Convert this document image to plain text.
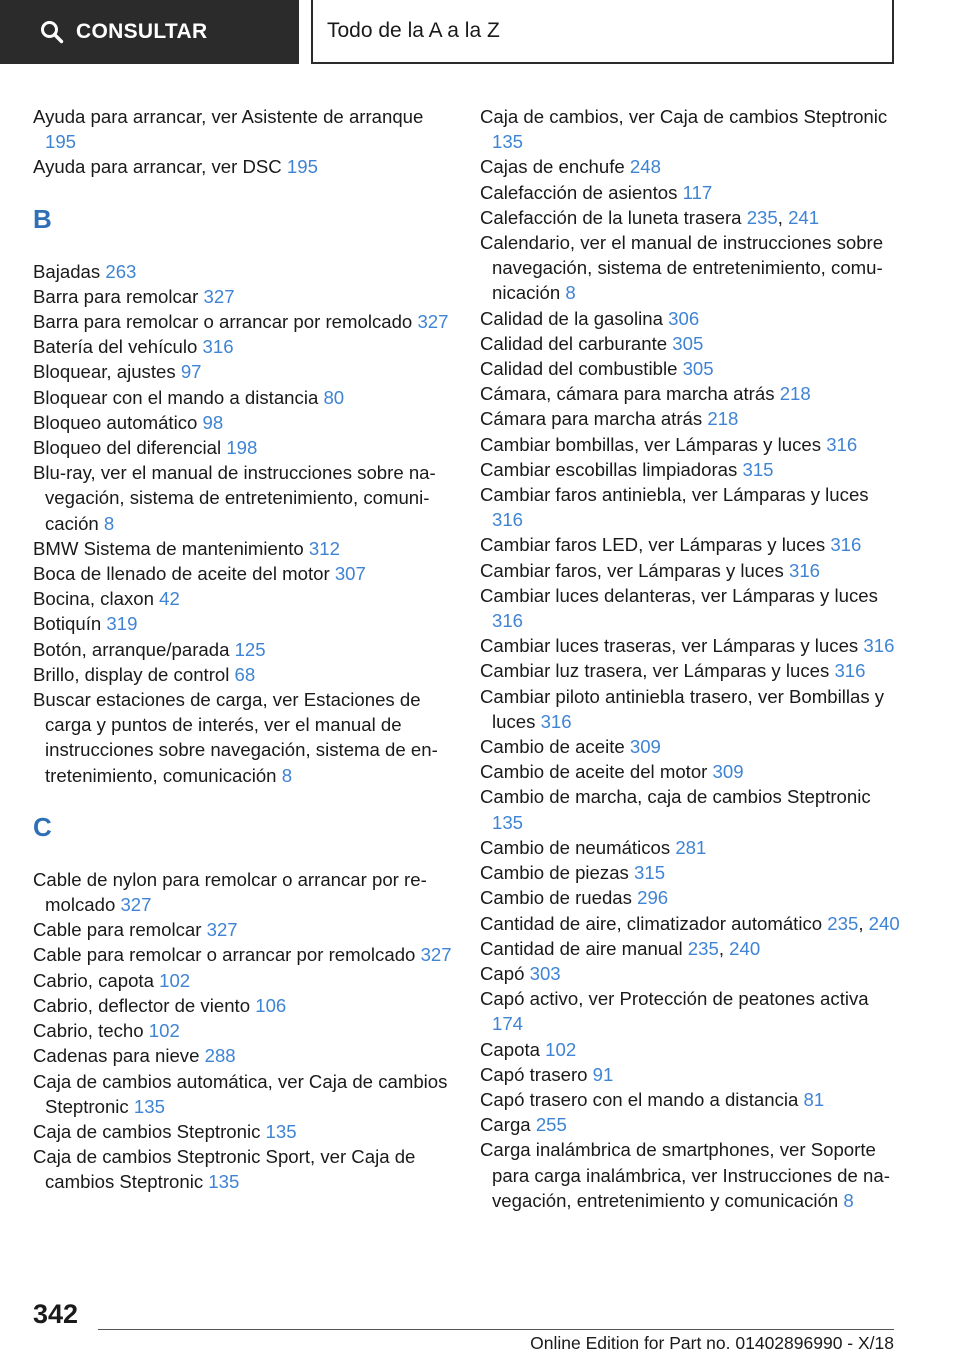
CONSULTAR	Todo de la A a la Z
Ayuda para arrancar, ver Asistente de arranque 195
Ayuda para arrancar, ver DSC 195
B
Bajadas 263
Barra para remolcar 327
Barra para remolcar o arrancar por remolcado 327
Batería del vehículo 316
Bloquear, ajustes 97
Bloquear con el mando a distancia 80
Bloqueo automático 98
Bloqueo del diferencial 198
Blu-ray, ver el manual de instrucciones sobre navegación, sistema de entretenimiento, comunicación 8
BMW Sistema de mantenimiento 312
Boca de llenado de aceite del motor 307
Bocina, claxon 42
Botiquín 319
Botón, arranque/parada 125
Brillo, display de control 68
Buscar estaciones de carga, ver Estaciones de carga y puntos de interés, ver el manual de instrucciones sobre navegación, sistema de entretenimiento, comunicación 8
C
Cable de nylon para remolcar o arrancar por remolcado 327
Cable para remolcar 327
Cable para remolcar o arrancar por remolcado 327
Cabrio, capota 102
Cabrio, deflector de viento 106
Cabrio, techo 102
Cadenas para nieve 288
Caja de cambios automática, ver Caja de cambios Steptronic 135
Caja de cambios Steptronic 135
Caja de cambios Steptronic Sport, ver Caja de cambios Steptronic 135
Caja de cambios, ver Caja de cambios Steptronic 135
Cajas de enchufe 248
Calefacción de asientos 117
Calefacción de la luneta trasera 235, 241
Calendario, ver el manual de instrucciones sobre navegación, sistema de entretenimiento, comunicación 8
Calidad de la gasolina 306
Calidad del carburante 305
Calidad del combustible 305
Cámara, cámara para marcha atrás 218
Cámara para marcha atrás 218
Cambiar bombillas, ver Lámparas y luces 316
Cambiar escobillas limpiadoras 315
Cambiar faros antiniebla, ver Lámparas y luces 316
Cambiar faros LED, ver Lámparas y luces 316
Cambiar faros, ver Lámparas y luces 316
Cambiar luces delanteras, ver Lámparas y luces 316
Cambiar luces traseras, ver Lámparas y luces 316
Cambiar luz trasera, ver Lámparas y luces 316
Cambiar piloto antiniebla trasero, ver Bombillas y luces 316
Cambio de aceite 309
Cambio de aceite del motor 309
Cambio de marcha, caja de cambios Steptronic 135
Cambio de neumáticos 281
Cambio de piezas 315
Cambio de ruedas 296
Cantidad de aire, climatizador automático 235, 240
Cantidad de aire manual 235, 240
Capó 303
Capó activo, ver Protección de peatones activa 174
Capota 102
Capó trasero 91
Capó trasero con el mando a distancia 81
Carga 255
Carga inalámbrica de smartphones, ver Soporte para carga inalámbrica, ver Instrucciones de navegación, entretenimiento y comunicación 8
342
Online Edition for Part no. 01402896990 - X/18
